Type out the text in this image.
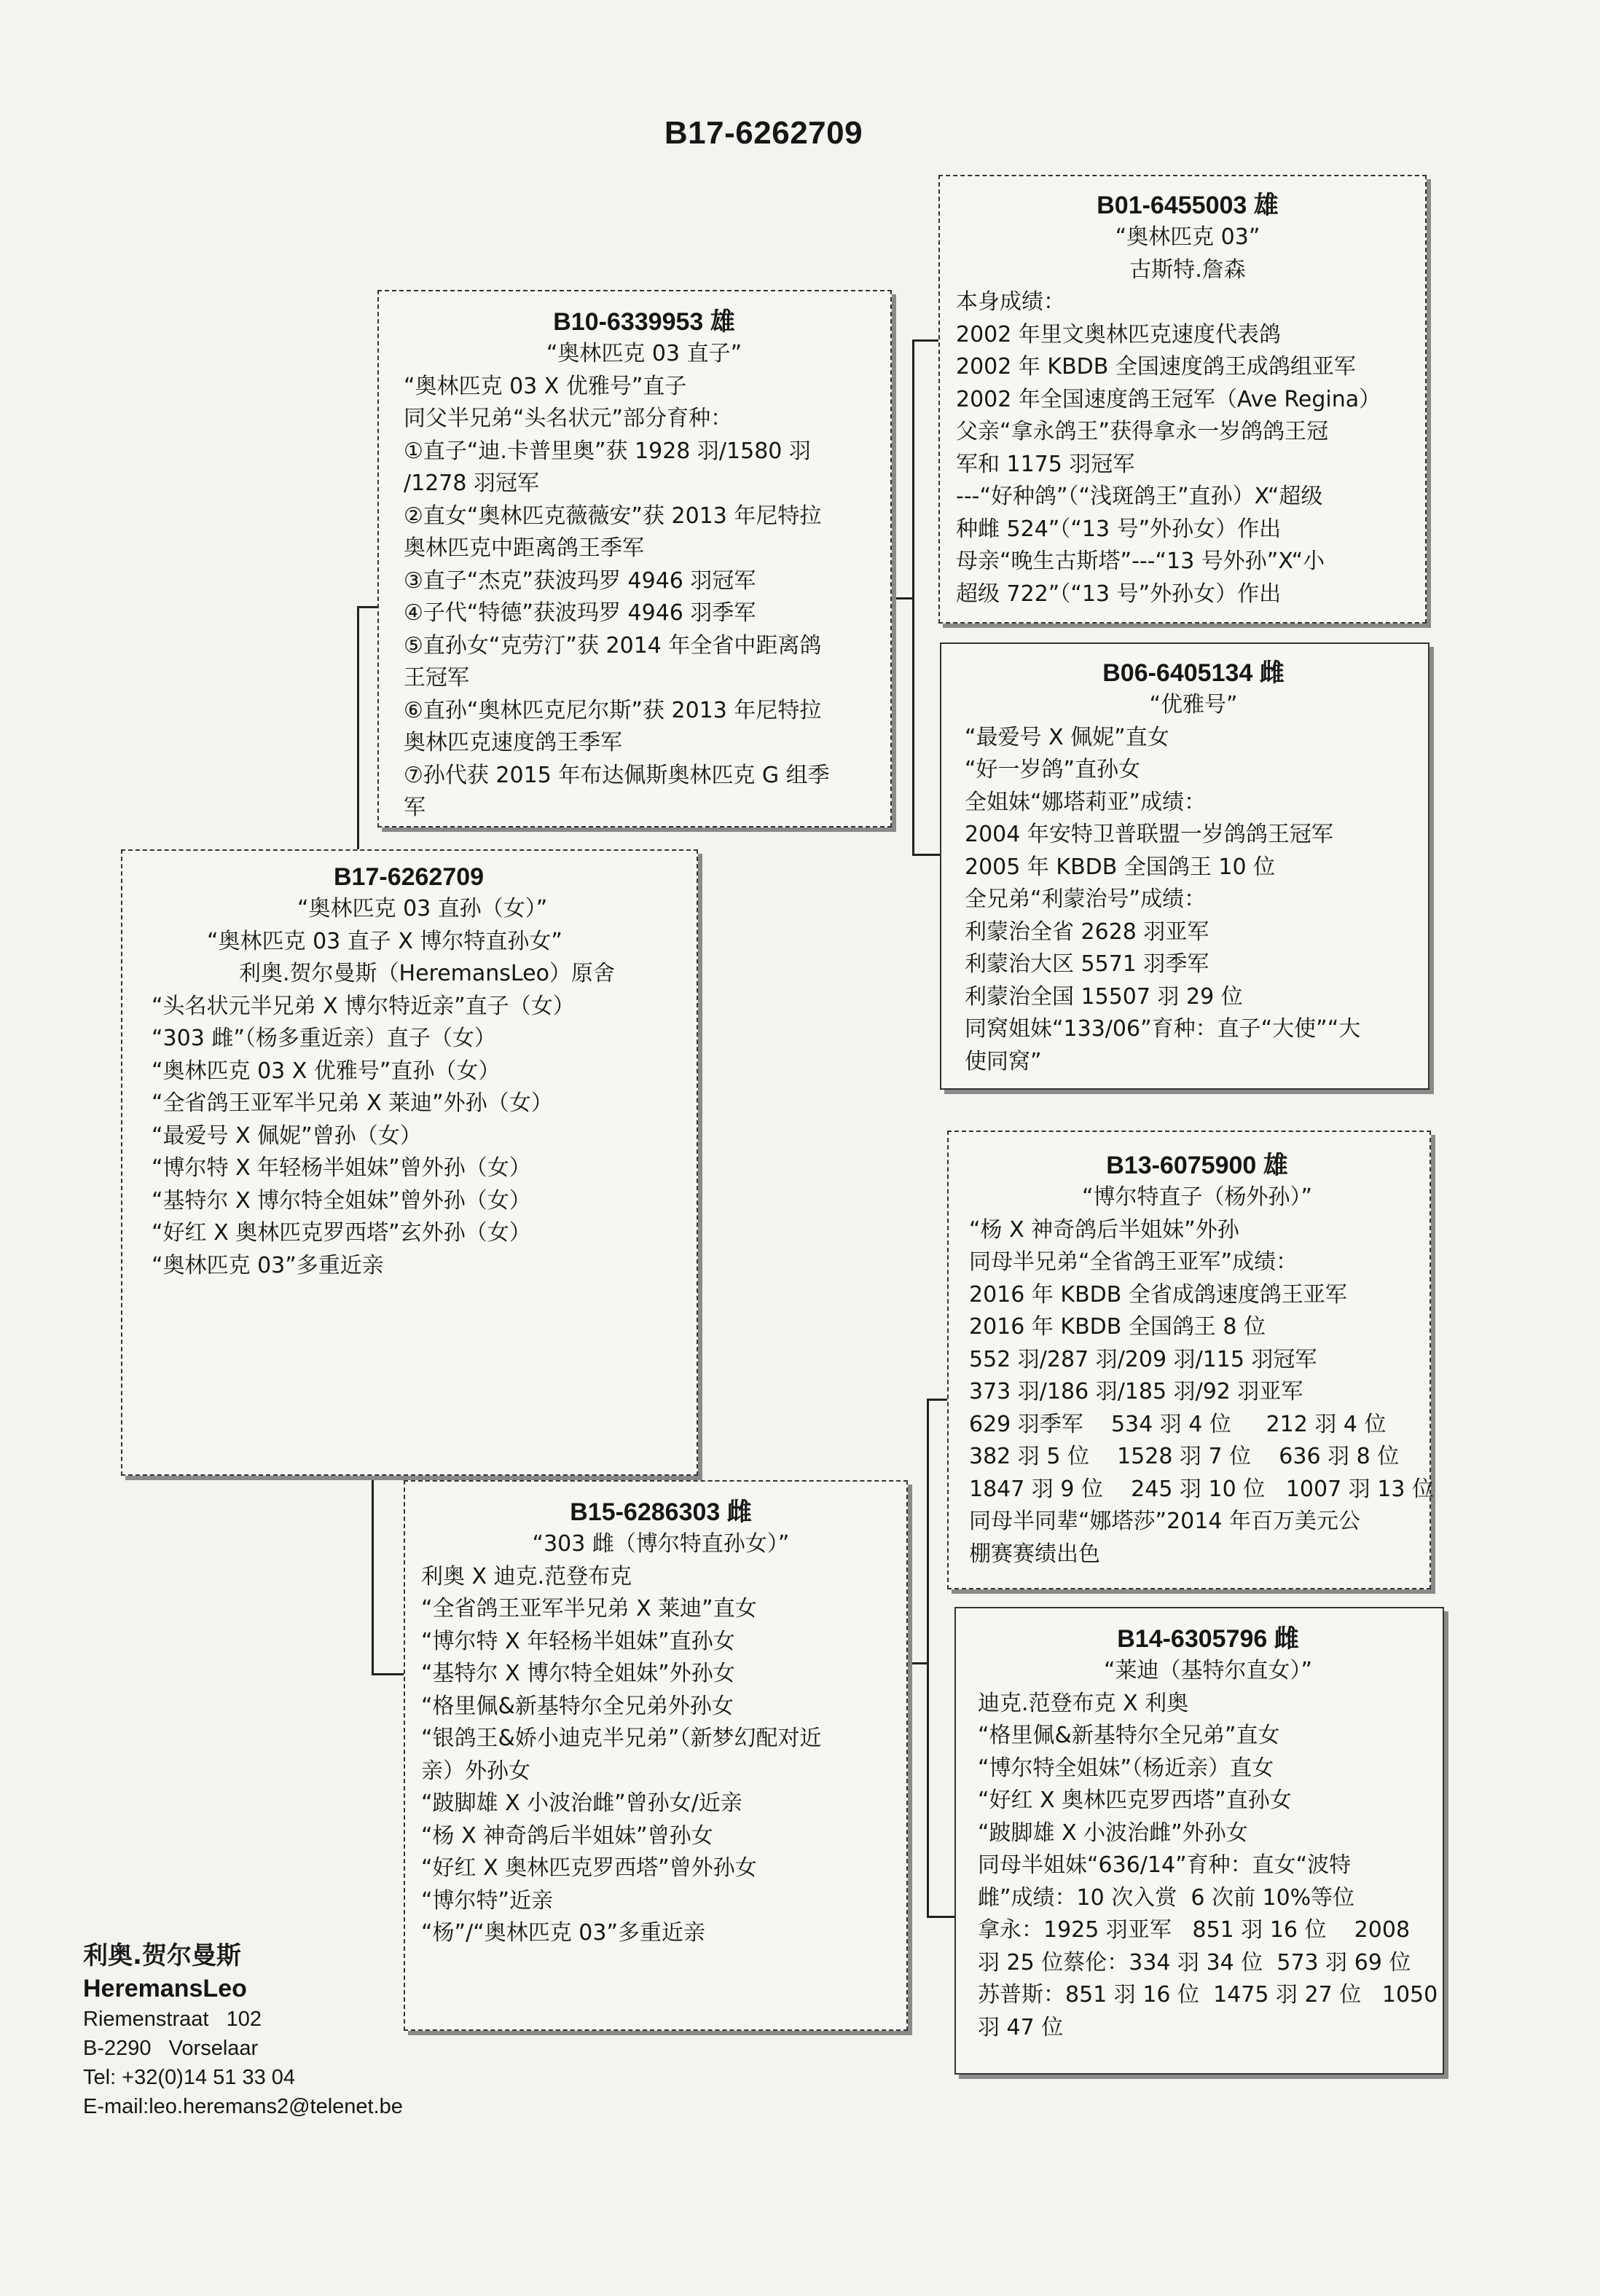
B17-6262709
B17-6262709
“奥林匹克 03 直孙（女）”
“奥林匹克 03 直子 X 博尔特直孙女”
利奥.贺尔曼斯（HeremansLeo）原舍
“头名状元半兄弟 X 博尔特近亲”直子（女）
“303 雌”（杨多重近亲）直子（女）
“奥林匹克 03 X 优雅号”直孙（女）
“全省鸽王亚军半兄弟 X 莱迪”外孙（女）
“最爱号 X 佩妮”曾孙（女）
“博尔特 X 年轻杨半姐妹”曾外孙（女）
“基特尔 X 博尔特全姐妹”曾外孙（女）
“好红 X 奥林匹克罗西塔”玄外孙（女）
“奥林匹克 03”多重近亲
B10-6339953 雄
“奥林匹克 03 直子”
“奥林匹克 03 X 优雅号”直子
同父半兄弟“头名状元”部分育种：
①直子“迪.卡普里奥”获 1928 羽/1580 羽
/1278 羽冠军
②直女“奥林匹克薇薇安”获 2013 年尼特拉
奥林匹克中距离鸽王季军
③直子“杰克”获波玛罗 4946 羽冠军
④子代“特德”获波玛罗 4946 羽季军
⑤直孙女“克劳汀”获 2014 年全省中距离鸽
王冠军
⑥直孙“奥林匹克尼尔斯”获 2013 年尼特拉
奥林匹克速度鸽王季军
⑦孙代获 2015 年布达佩斯奥林匹克 G 组季
军
B01-6455003 雄
“奥林匹克 03”
古斯特.詹森
本身成绩：
2002 年里文奥林匹克速度代表鸽
2002 年 KBDB 全国速度鸽王成鸽组亚军
2002 年全国速度鸽王冠军（Ave Regina）
父亲“拿永鸽王”获得拿永一岁鸽鸽王冠
军和 1175 羽冠军
---“好种鸽”（“浅斑鸽王”直孙）X“超级
种雌 524”（“13 号”外孙女）作出
母亲“晚生古斯塔”---“13 号外孙”X“小
超级 722”（“13 号”外孙女）作出
B06-6405134 雌
“优雅号”
“最爱号 X 佩妮”直女
“好一岁鸽”直孙女
全姐妹“娜塔莉亚”成绩：
2004 年安特卫普联盟一岁鸽鸽王冠军
2005 年 KBDB 全国鸽王 10 位
全兄弟“利蒙治号”成绩：
利蒙治全省 2628 羽亚军
利蒙治大区 5571 羽季军
利蒙治全国 15507 羽 29 位
同窝姐妹“133/06”育种：直子“大使”“大
使同窝”
B15-6286303 雌
“303 雌（博尔特直孙女）”
利奥 X 迪克.范登布克
“全省鸽王亚军半兄弟 X 莱迪”直女
“博尔特 X 年轻杨半姐妹”直孙女
“基特尔 X 博尔特全姐妹”外孙女
“格里佩&新基特尔全兄弟外孙女
“银鸽王&娇小迪克半兄弟”（新梦幻配对近
亲）外孙女
“跛脚雄 X 小波治雌”曾孙女/近亲
“杨 X 神奇鸽后半姐妹”曾孙女
“好红 X 奥林匹克罗西塔”曾外孙女
“博尔特”近亲
“杨”/“奥林匹克 03”多重近亲
B13-6075900 雄
“博尔特直子（杨外孙）”
“杨 X 神奇鸽后半姐妹”外孙
同母半兄弟“全省鸽王亚军”成绩：
2016 年 KBDB 全省成鸽速度鸽王亚军
2016 年 KBDB 全国鸽王 8 位
552 羽/287 羽/209 羽/115 羽冠军
373 羽/186 羽/185 羽/92 羽亚军
629 羽季军    534 羽 4 位     212 羽 4 位
382 羽 5 位    1528 羽 7 位    636 羽 8 位
1847 羽 9 位    245 羽 10 位   1007 羽 13 位
同母半同辈“娜塔莎”2014 年百万美元公
棚赛赛绩出色
B14-6305796 雌
“莱迪（基特尔直女）”
迪克.范登布克 X 利奥
“格里佩&新基特尔全兄弟”直女
“博尔特全姐妹”（杨近亲）直女
“好红 X 奥林匹克罗西塔”直孙女
“跛脚雄 X 小波治雌”外孙女
同母半姐妹“636/14”育种：直女“波特
雌”成绩：10 次入赏  6 次前 10%等位
拿永：1925 羽亚军   851 羽 16 位    2008
羽 25 位蔡伦：334 羽 34 位  573 羽 69 位
苏普斯：851 羽 16 位  1475 羽 27 位   1050
羽 47 位
利奥.贺尔曼斯
HeremansLeo
Riemenstraat   102
B-2290   Vorselaar
Tel: +32(0)14 51 33 04
E-mail:leo.heremans2@telenet.be
